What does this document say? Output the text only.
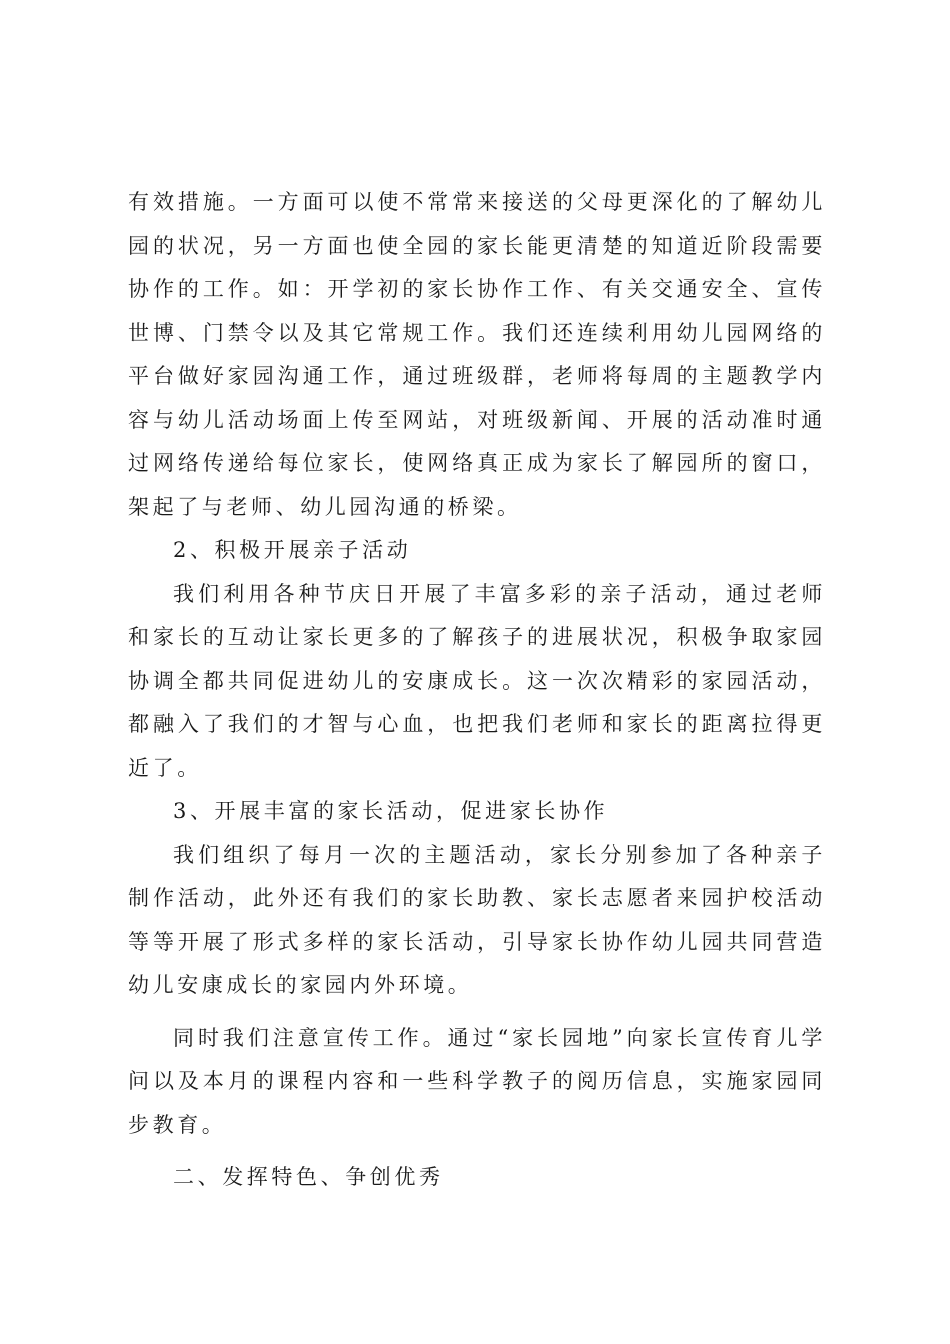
有效措施。一方面可以使不常常来接送的父母更深化的了解幼儿园的状况，另一方面也使全园的家长能更清楚的知道近阶段需要协作的工作。如：开学初的家长协作工作、有关交通安全、宣传世博、门禁令以及其它常规工作。我们还连续利用幼儿园网络的平台做好家园沟通工作，通过班级群，老师将每周的主题教学内容与幼儿活动场面上传至网站，对班级新闻、开展的活动准时通过网络传递给每位家长，使网络真正成为家长了解园所的窗口，架起了与老师、幼儿园沟通的桥梁。

2、积极开展亲子活动

我们利用各种节庆日开展了丰富多彩的亲子活动，通过老师和家长的互动让家长更多的了解孩子的进展状况，积极争取家园协调全都共同促进幼儿的安康成长。这一次次精彩的家园活动，都融入了我们的才智与心血，也把我们老师和家长的距离拉得更近了。

3、开展丰富的家长活动，促进家长协作

我们组织了每月一次的主题活动，家长分别参加了各种亲子制作活动，此外还有我们的家长助教、家长志愿者来园护校活动等等开展了形式多样的家长活动，引导家长协作幼儿园共同营造幼儿安康成长的家园内外环境。

同时我们注意宣传工作。通过“家长园地”向家长宣传育儿学问以及本月的课程内容和一些科学教子的阅历信息，实施家园同步教育。

二、发挥特色、争创优秀
